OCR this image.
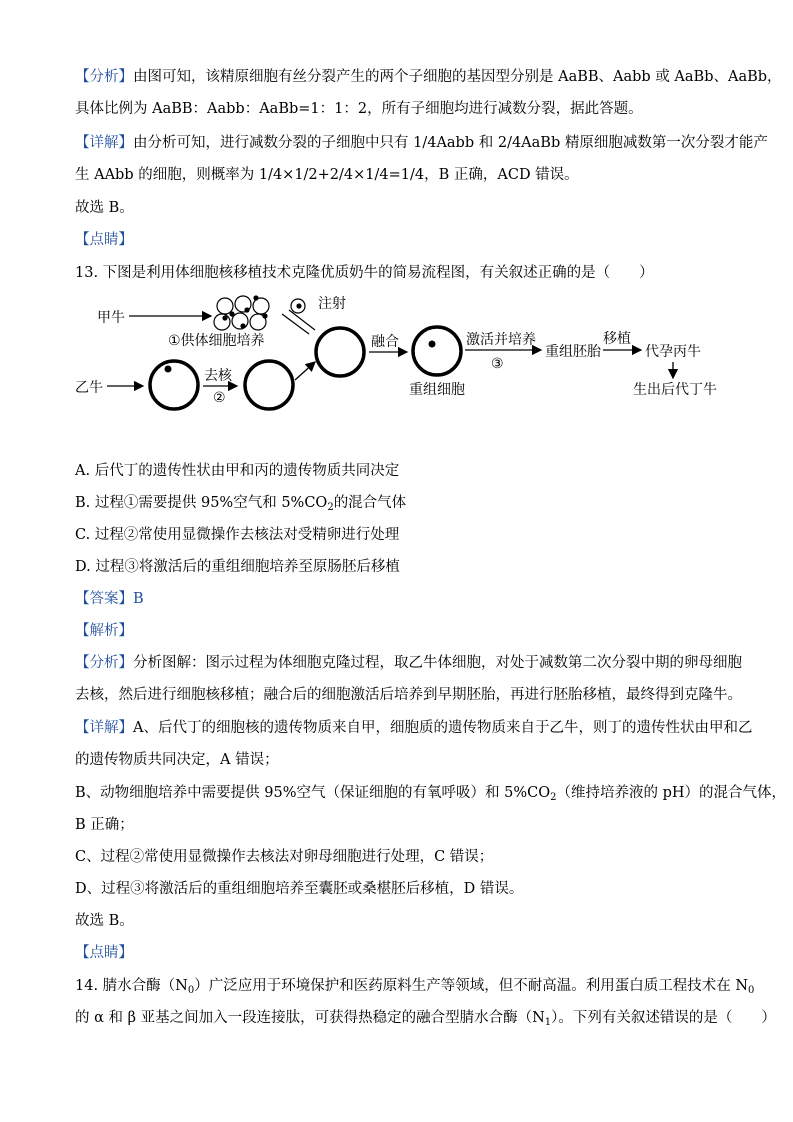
【分析】由图可知，该精原细胞有丝分裂产生的两个子细胞的基因型分别是 AaBB、Aabb 或 AaBb、AaBb，
具体比例为 AaBB：Aabb：AaBb=1：1：2，所有子细胞均进行减数分裂，据此答题。
【详解】由分析可知，进行减数分裂的子细胞中只有 1/4Aabb 和 2/4AaBb 精原细胞减数第一次分裂才能产
生 AAbb 的细胞，则概率为 1/4×1/2+2/4×1/4=1/4，B 正确，ACD 错误。
故选 B。
【点睛】
13. 下图是利用体细胞核移植技术克隆优质奶牛的简易流程图，有关叙述正确的是（　　）
甲牛
①供体细胞培养
乙牛
去核
②
注射
融合
重组细胞
激活并培养
③
重组胚胎
移植
代孕丙牛
生出后代丁牛
A. 后代丁的遗传性状由甲和丙的遗传物质共同决定
B. 过程①需要提供 95%空气和 $5\%CO_2$的混合气体
C. 过程②常使用显微操作去核法对受精卵进行处理
D. 过程③将激活后的重组细胞培养至原肠胚后移植
【答案】B
【解析】
【分析】分析图解：图示过程为体细胞克隆过程，取乙牛体细胞，对处于减数第二次分裂中期的卵母细胞
去核，然后进行细胞核移植；融合后的细胞激活后培养到早期胚胎，再进行胚胎移植，最终得到克隆牛。
【详解】A、后代丁的细胞核的遗传物质来自甲，细胞质的遗传物质来自于乙牛，则丁的遗传性状由甲和乙
的遗传物质共同决定，A 错误；
B、动物细胞培养中需要提供 95%空气（保证细胞的有氧呼吸）和 $5\%CO_2$（维持培养液的 pH）的混合气体，
B 正确；
C、过程②常使用显微操作去核法对卵母细胞进行处理，C 错误；
D、过程③将激活后的重组细胞培养至囊胚或桑椹胚后移植，D 错误。
故选 B。
【点睛】
14. 腈水合酶$(N_0)$广泛应用于环境保护和医药原料生产等领域，但不耐高温。利用蛋白质工程技术在 $N_0$
的 α 和 β 亚基之间加入一段连接肽，可获得热稳定的融合型腈水合酶$(N_1)$。下列有关叙述错误的是（　　）
